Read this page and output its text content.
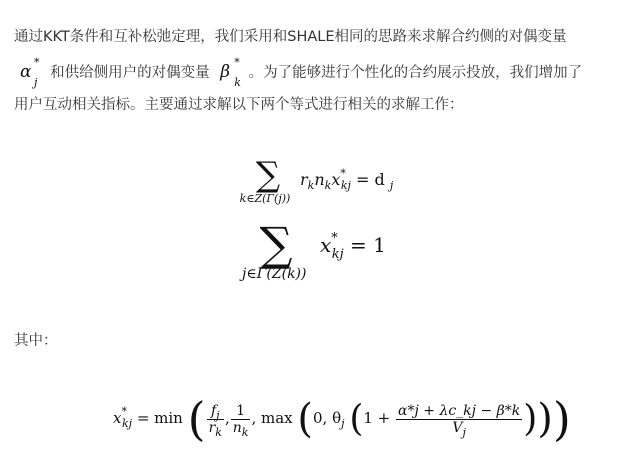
通过KKT条件和互补松弛定理，我们采用和SHALE相同的思路来求解合约侧的对偶变量
α *
j
和供给侧用户的对偶变量 β *
k
。为了能够进行个性化的合约展示投放，我们增加了
用户互动相关指标。主要通过求解以下两个等式进行相关的求解工作：
∑
k∈Z(Γ(j))
$r_kn_kx^*_{kj} = d$ $_j$
∑
j∈Γ(Z(k))
$x^*_{kj} = 1$
其中：
$x^*_{kj} = \min$ ( $\frac{f_j}{r_k}$ , $\frac{1}{n_k}$ , max (0, $\theta_j$ ($1 + \frac{\alpha*j + \lambda c\_kj - \beta*k}{V_j}$ )))
